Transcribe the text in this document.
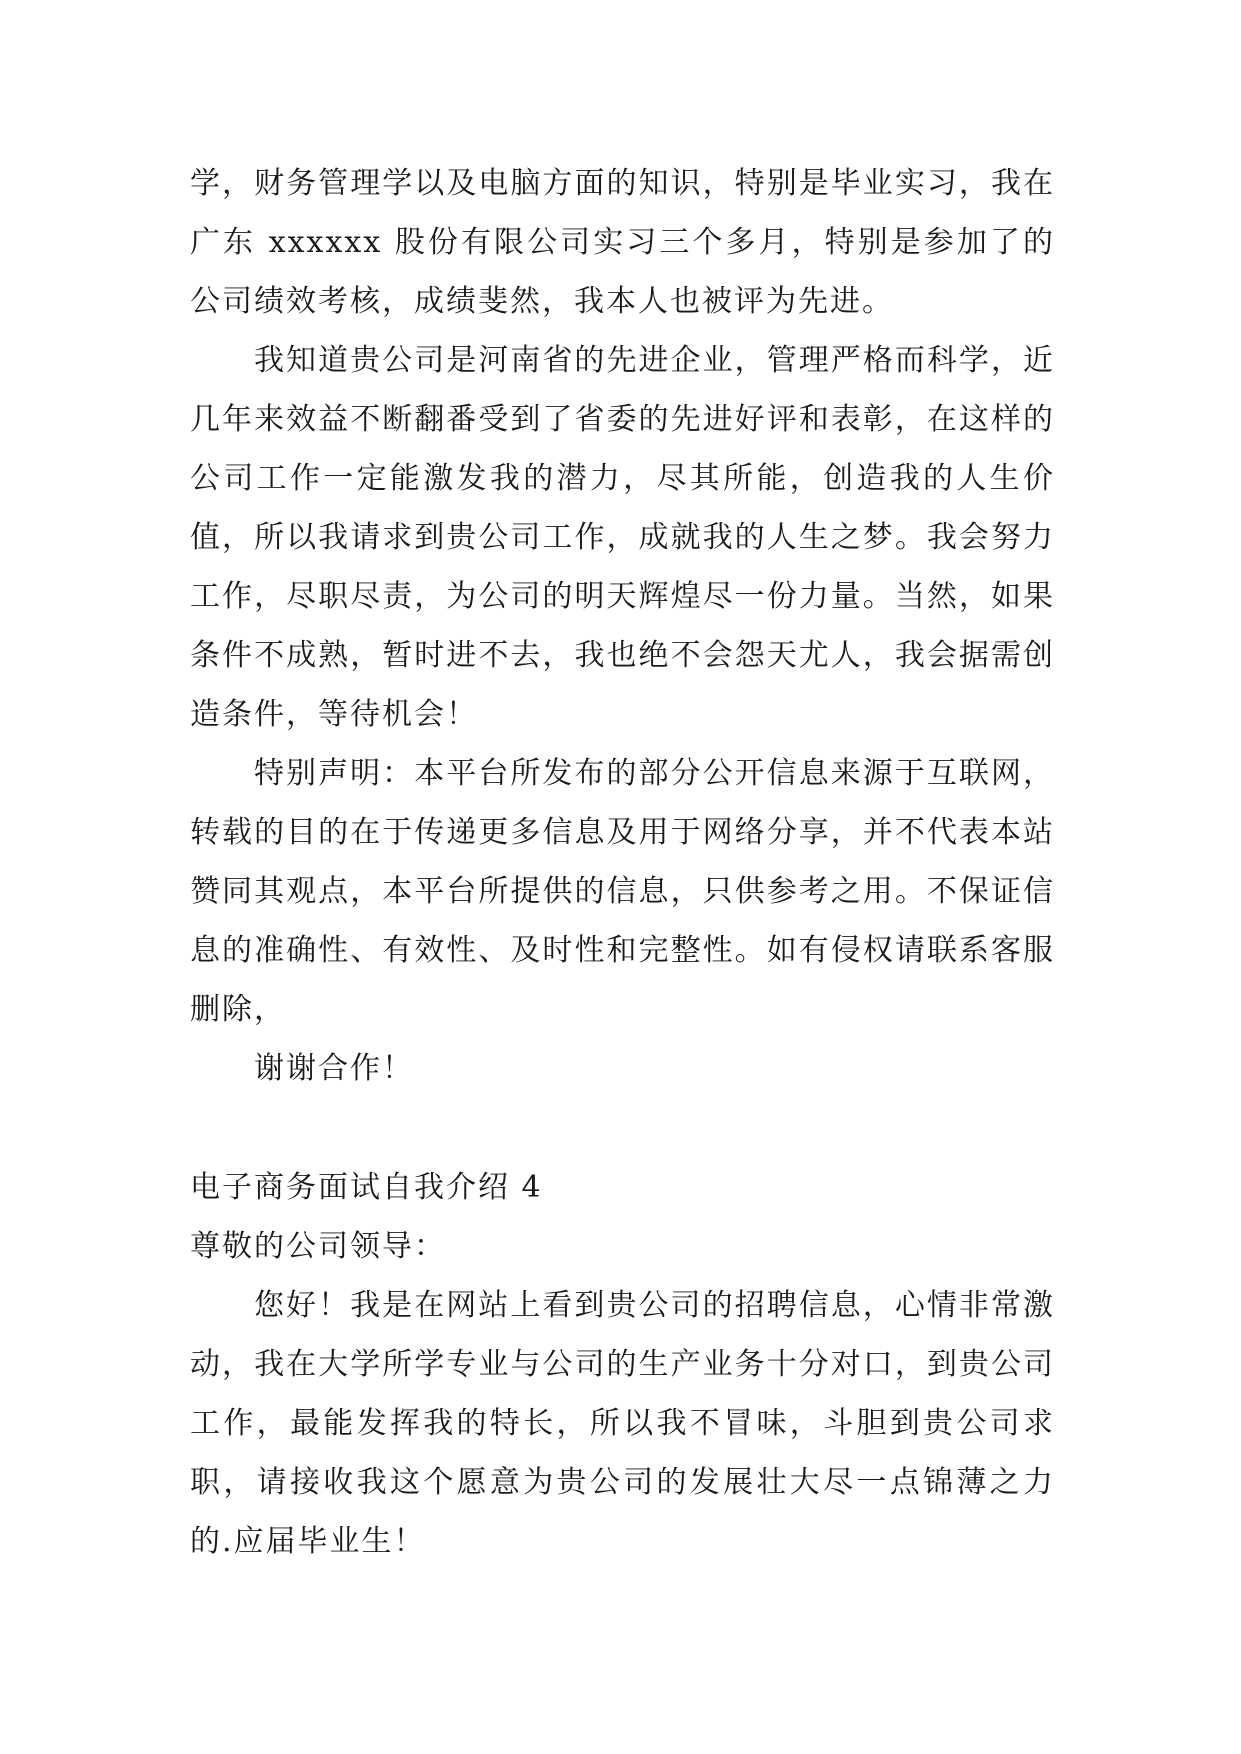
学，财务管理学以及电脑方面的知识，特别是毕业实习，我在广东 xxxxxx 股份有限公司实习三个多月，特别是参加了的公司绩效考核，成绩斐然，我本人也被评为先进。

我知道贵公司是河南省的先进企业，管理严格而科学，近几年来效益不断翻番受到了省委的先进好评和表彰，在这样的公司工作一定能激发我的潜力，尽其所能，创造我的人生价值，所以我请求到贵公司工作，成就我的人生之梦。我会努力工作，尽职尽责，为公司的明天辉煌尽一份力量。当然，如果条件不成熟，暂时进不去，我也绝不会怨天尤人，我会据需创造条件，等待机会！

特别声明：本平台所发布的部分公开信息来源于互联网，转载的目的在于传递更多信息及用于网络分享，并不代表本站赞同其观点，本平台所提供的信息，只供参考之用。不保证信息的准确性、有效性、及时性和完整性。如有侵权请联系客服删除，

谢谢合作！

电子商务面试自我介绍 4

尊敬的公司领导：

您好！我是在网站上看到贵公司的招聘信息，心情非常激动，我在大学所学专业与公司的生产业务十分对口，到贵公司工作，最能发挥我的特长，所以我不冒味，斗胆到贵公司求职，请接收我这个愿意为贵公司的发展壮大尽一点锦薄之力的.应届毕业生！
